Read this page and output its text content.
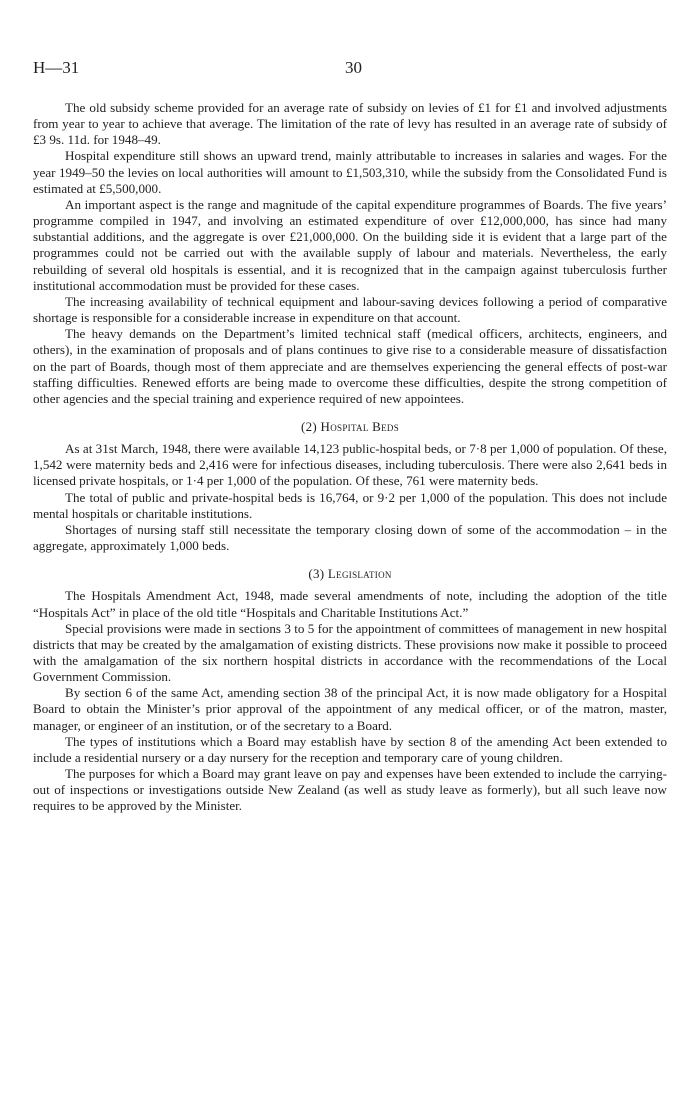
H—31	30

The old subsidy scheme provided for an average rate of subsidy on levies of £1 for £1 and involved adjustments from year to year to achieve that average. The limitation of the rate of levy has resulted in an average rate of subsidy of £3 9s. 11d. for 1948–49.

Hospital expenditure still shows an upward trend, mainly attributable to increases in salaries and wages. For the year 1949–50 the levies on local authorities will amount to £1,503,310, while the subsidy from the Consolidated Fund is estimated at £5,500,000.

An important aspect is the range and magnitude of the capital expenditure programmes of Boards. The five years’ programme compiled in 1947, and involving an estimated expenditure of over £12,000,000, has since had many substantial additions, and the aggregate is over £21,000,000. On the building side it is evident that a large part of the programmes could not be carried out with the available supply of labour and materials. Nevertheless, the early rebuilding of several old hospitals is essential, and it is recognized that in the campaign against tuberculosis further institutional accommodation must be provided for these cases.

The increasing availability of technical equipment and labour-saving devices following a period of comparative shortage is responsible for a considerable increase in expenditure on that account.

The heavy demands on the Department’s limited technical staff (medical officers, architects, engineers, and others), in the examination of proposals and of plans continues to give rise to a considerable measure of dissatisfaction on the part of Boards, though most of them appreciate and are themselves experiencing the general effects of post-war staffing difficulties. Renewed efforts are being made to overcome these difficulties, despite the strong competition of other agencies and the special training and experience required of new appointees.

(2) Hospital Beds

As at 31st March, 1948, there were available 14,123 public-hospital beds, or 7·8 per 1,000 of population. Of these, 1,542 were maternity beds and 2,416 were for infectious diseases, including tuberculosis. There were also 2,641 beds in licensed private hospitals, or 1·4 per 1,000 of the population. Of these, 761 were maternity beds.

The total of public and private-hospital beds is 16,764, or 9·2 per 1,000 of the population. This does not include mental hospitals or charitable institutions.

Shortages of nursing staff still necessitate the temporary closing down of some of the accommodation – in the aggregate, approximately 1,000 beds.

(3) Legislation

The Hospitals Amendment Act, 1948, made several amendments of note, including the adoption of the title “Hospitals Act” in place of the old title “Hospitals and Charitable Institutions Act.”

Special provisions were made in sections 3 to 5 for the appointment of committees of management in new hospital districts that may be created by the amalgamation of existing districts. These provisions now make it possible to proceed with the amalgamation of the six northern hospital districts in accordance with the recommendations of the Local Government Commission.

By section 6 of the same Act, amending section 38 of the principal Act, it is now made obligatory for a Hospital Board to obtain the Minister’s prior approval of the appointment of any medical officer, or of the matron, master, manager, or engineer of an institution, or of the secretary to a Board.

The types of institutions which a Board may establish have by section 8 of the amending Act been extended to include a residential nursery or a day nursery for the reception and temporary care of young children.

The purposes for which a Board may grant leave on pay and expenses have been extended to include the carrying-out of inspections or investigations outside New Zealand (as well as study leave as formerly), but all such leave now requires to be approved by the Minister.
